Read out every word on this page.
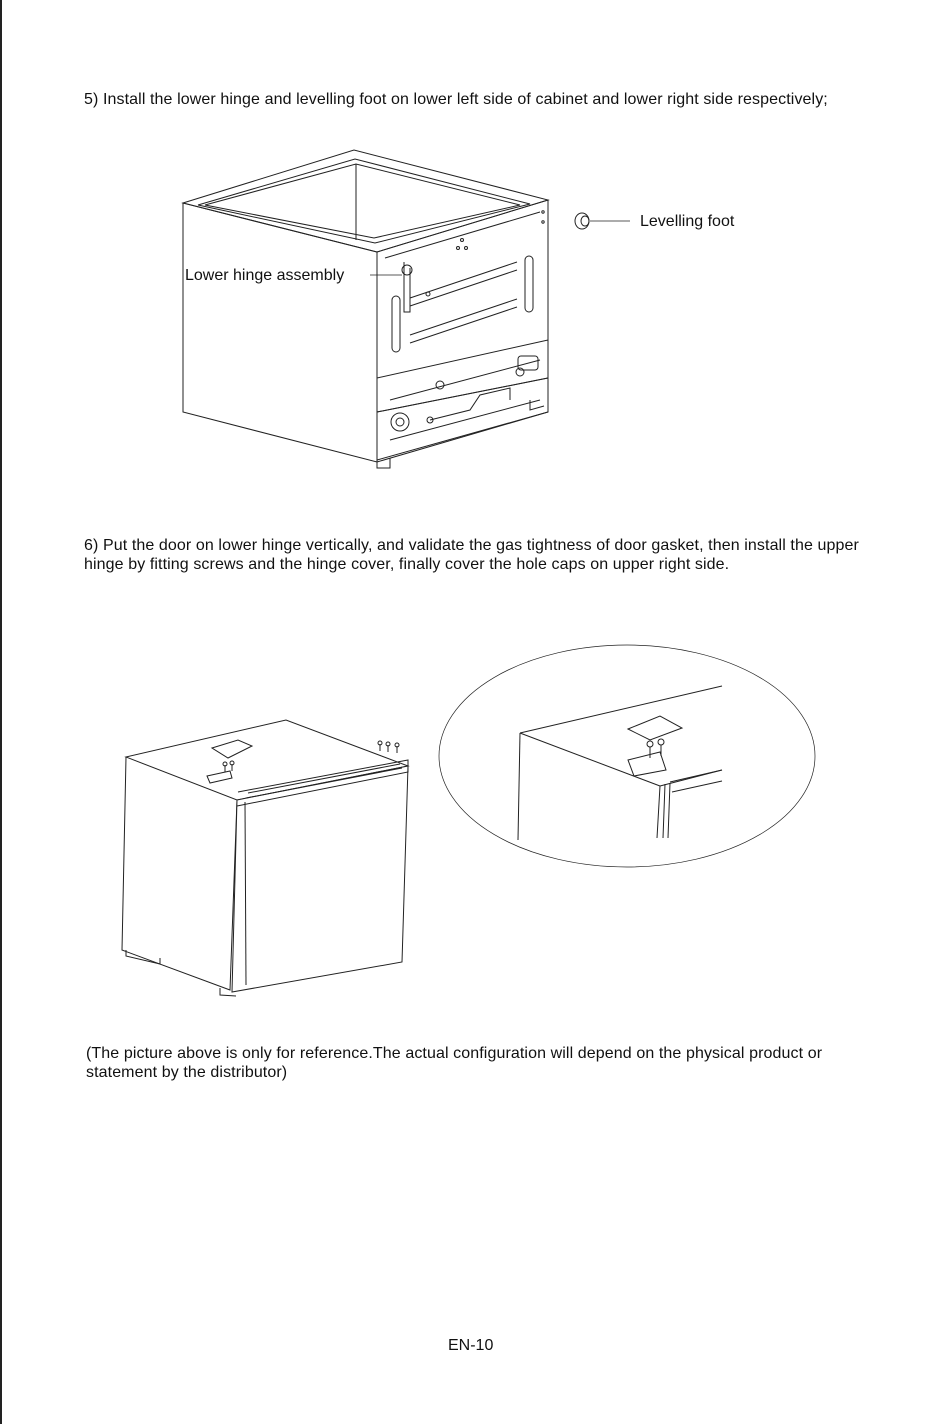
5) Install the lower hinge and levelling foot on lower left side of cabinet and lower right side respectively;

Levelling foot
Lower hinge assembly

6) Put the door on lower hinge vertically, and validate the gas tightness of door gasket, then install the upper hinge by fitting screws and the hinge cover, finally cover the hole caps on upper right side.

(The picture above is only for reference.The actual configuration will depend on the physical product or statement by the distributor)

EN-10
